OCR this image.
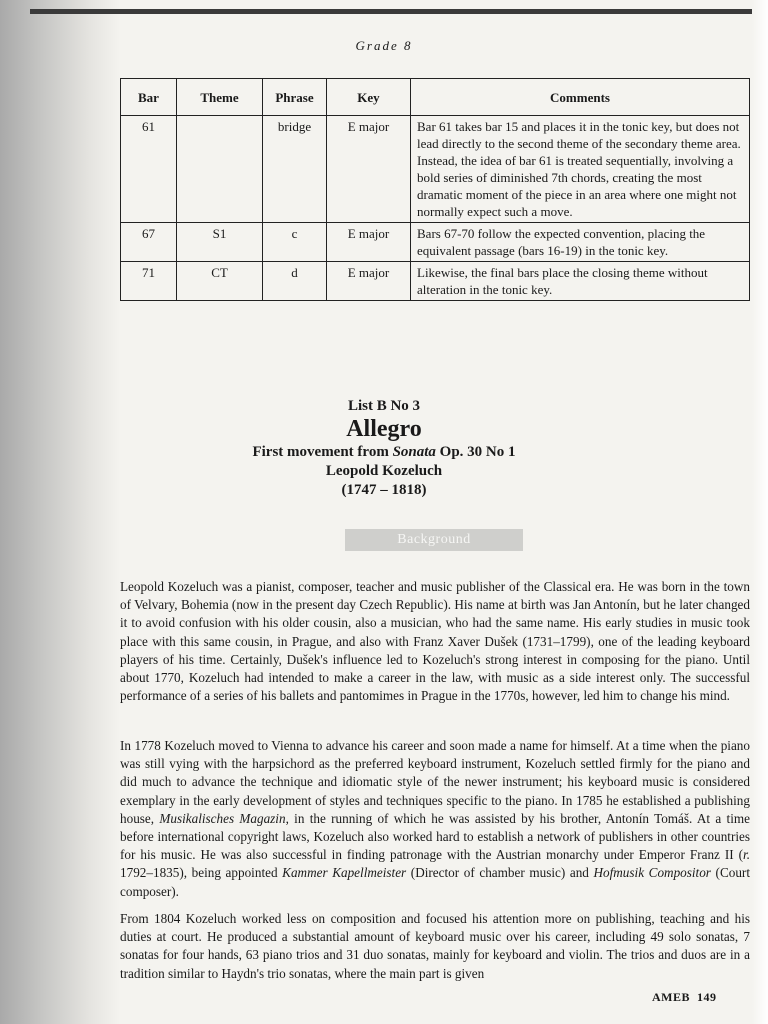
Grade 8
Bar	Theme	Phrase	Key	Comments
61		bridge	E major	Bar 61 takes bar 15 and places it in the tonic key, but does not lead directly to the second theme of the secondary theme area. Instead, the idea of bar 61 is treated sequentially, involving a bold series of diminished 7th chords, creating the most dramatic moment of the piece in an area where one might not normally expect such a move.
67	S1	c	E major	Bars 67-70 follow the expected convention, placing the equivalent passage (bars 16-19) in the tonic key.
71	CT	d	E major	Likewise, the final bars place the closing theme without alteration in the tonic key.
List B No 3
Allegro
First movement from Sonata Op. 30 No 1
Leopold Kozeluch
(1747 – 1818)
Background

Leopold Kozeluch was a pianist, composer, teacher and music publisher of the Classical era. He was born in the town of Velvary, Bohemia (now in the present day Czech Republic). His name at birth was Jan Antonín, but he later changed it to avoid confusion with his older cousin, also a musician, who had the same name. His early studies in music took place with this same cousin, in Prague, and also with Franz Xaver Dušek (1731–1799), one of the leading keyboard players of his time. Certainly, Dušek's influence led to Kozeluch's strong interest in composing for the piano. Until about 1770, Kozeluch had intended to make a career in the law, with music as a side interest only. The successful performance of a series of his ballets and pantomimes in Prague in the 1770s, however, led him to change his mind.

In 1778 Kozeluch moved to Vienna to advance his career and soon made a name for himself. At a time when the piano was still vying with the harpsichord as the preferred keyboard instrument, Kozeluch settled firmly for the piano and did much to advance the technique and idiomatic style of the newer instrument; his keyboard music is considered exemplary in the early development of styles and techniques specific to the piano. In 1785 he established a publishing house, Musikalisches Magazin, in the running of which he was assisted by his brother, Antonín Tomáš. At a time before international copyright laws, Kozeluch also worked hard to establish a network of publishers in other countries for his music. He was also successful in finding patronage with the Austrian monarchy under Emperor Franz II (r. 1792–1835), being appointed Kammer Kapellmeister (Director of chamber music) and Hofmusik Compositor (Court composer).

From 1804 Kozeluch worked less on composition and focused his attention more on publishing, teaching and his duties at court. He produced a substantial amount of keyboard music over his career, including 49 solo sonatas, 7 sonatas for four hands, 63 piano trios and 31 duo sonatas, mainly for keyboard and violin. The trios and duos are in a tradition similar to Haydn's trio sonatas, where the main part is given

AMEB 149
